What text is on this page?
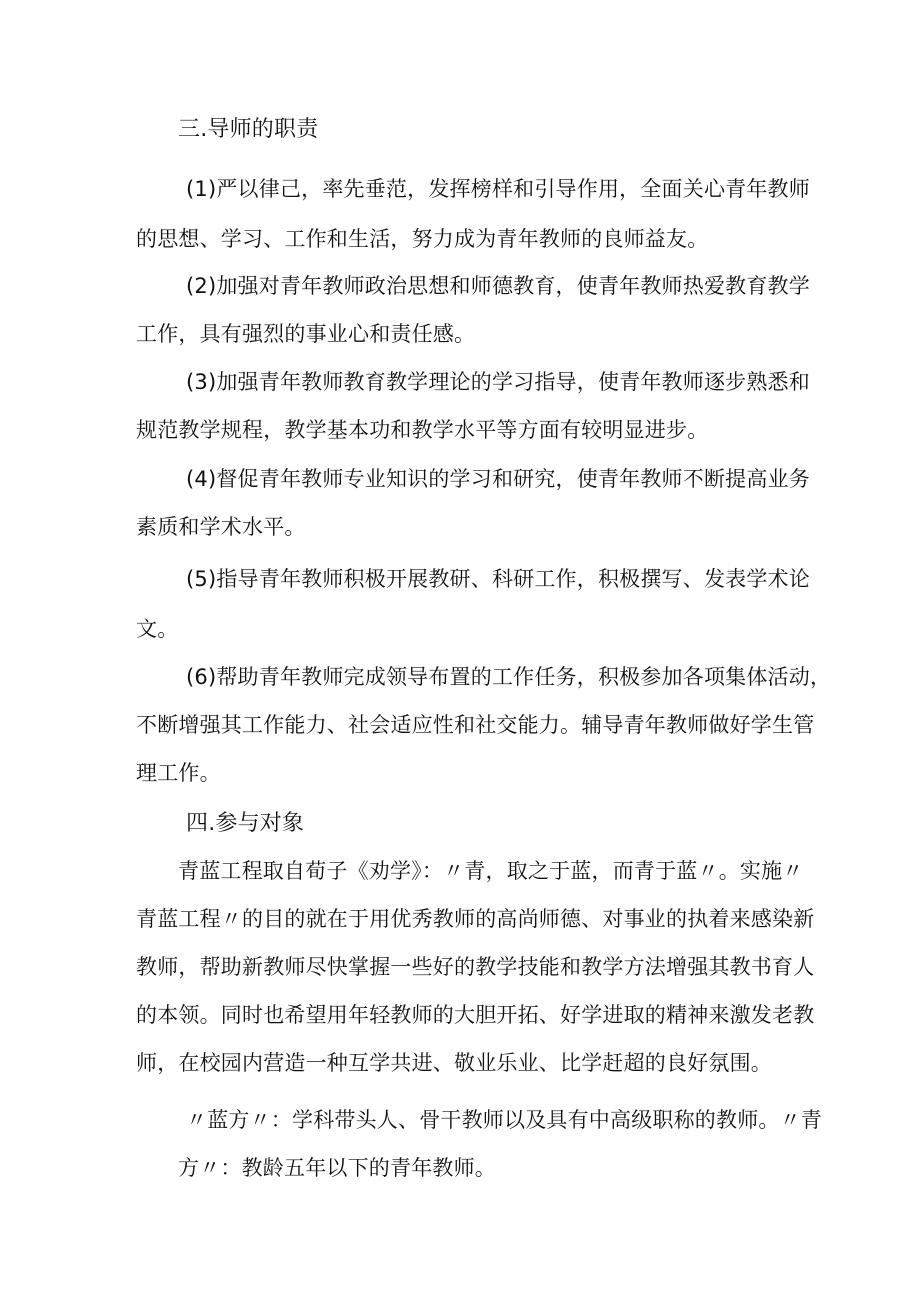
三.导师的职责
(1)严以律己，率先垂范，发挥榜样和引导作用，全面关心青年教师
的思想、学习、工作和生活，努力成为青年教师的良师益友。
(2)加强对青年教师政治思想和师德教育，使青年教师热爱教育教学
工作，具有强烈的事业心和责任感。
(3)加强青年教师教育教学理论的学习指导，使青年教师逐步熟悉和
规范教学规程，教学基本功和教学水平等方面有较明显进步。
(4)督促青年教师专业知识的学习和研究，使青年教师不断提高业务
素质和学术水平。
(5)指导青年教师积极开展教研、科研工作，积极撰写、发表学术论
文。
(6)帮助青年教师完成领导布置的工作任务，积极参加各项集体活动，
不断增强其工作能力、社会适应性和社交能力。辅导青年教师做好学生管
理工作。
四.参与对象
青蓝工程取自荀子《劝学》：〃青，取之于蓝，而青于蓝〃。实施〃
青蓝工程〃的目的就在于用优秀教师的高尚师德、对事业的执着来感染新
教师，帮助新教师尽快掌握一些好的教学技能和教学方法增强其教书育人
的本领。同时也希望用年轻教师的大胆开拓、好学进取的精神来激发老教
师，在校园内营造一种互学共进、敬业乐业、比学赶超的良好氛围。
〃蓝方〃：学科带头人、骨干教师以及具有中高级职称的教师。〃青
方〃：教龄五年以下的青年教师。
